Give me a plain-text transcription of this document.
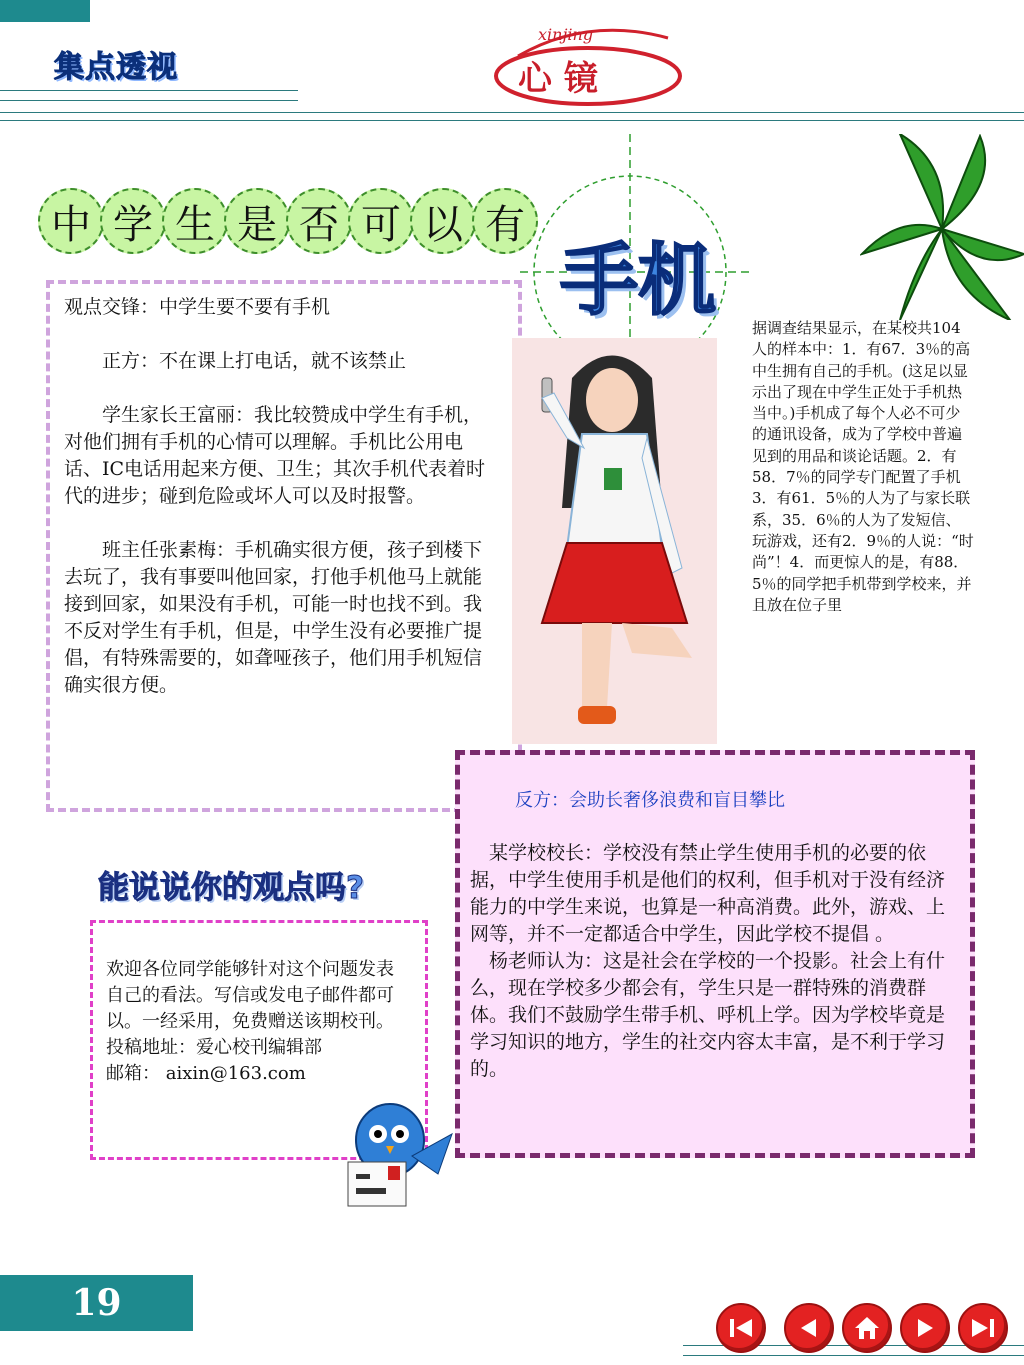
集点透视
xinjing
心 镜
中 学 生 是 否 可 以 有
手机

观点交锋：中学生要不要有手机

正方：不在课上打电话，就不该禁止

学生家长王富丽：我比较赞成中学生有手机，对他们拥有手机的心情可以理解。手机比公用电话、IC电话用起来方便、卫生；其次手机代表着时代的进步；碰到危险或坏人可以及时报警。

班主任张素梅：手机确实很方便，孩子到楼下去玩了，我有事要叫他回家，打他手机他马上就能接到回家，如果没有手机，可能一时也找不到。我不反对学生有手机，但是，中学生没有必要推广提倡，有特殊需要的，如聋哑孩子，他们用手机短信确实很方便。

据调查结果显示，在某校共104人的样本中：1．有67．3％的高中生拥有自己的手机。(这足以显示出了现在中学生正处于手机热当中。)手机成了每个人必不可少的通讯设备，成为了学校中普遍见到的用品和谈论话题。2．有58．7％的同学专门配置了手机 3．有61．5％的人为了与家长联系，35．6％的人为了发短信、玩游戏，还有2．9％的人说：“时尚”！4．而更惊人的是，有88．5％的同学把手机带到学校来，并且放在位子里
反方：会助长奢侈浪费和盲目攀比

某学校校长：学校没有禁止学生使用手机的必要的依据，中学生使用手机是他们的权利，但手机对于没有经济能力的中学生来说，也算是一种高消费。此外，游戏、上网等，并不一定都适合中学生，因此学校不提倡 。

杨老师认为：这是社会在学校的一个投影。社会上有什么，现在学校多少都会有，学生只是一群特殊的消费群体。我们不鼓励学生带手机、呼机上学。因为学校毕竟是学习知识的地方，学生的社交内容太丰富，是不利于学习的。

能说说你的观点吗?

欢迎各位同学能够针对这个问题发表自己的看法。写信或发电子邮件都可以。一经采用，免费赠送该期校刊。

投稿地址：爱心校刊编辑部

邮箱： aixin@163.com

19
